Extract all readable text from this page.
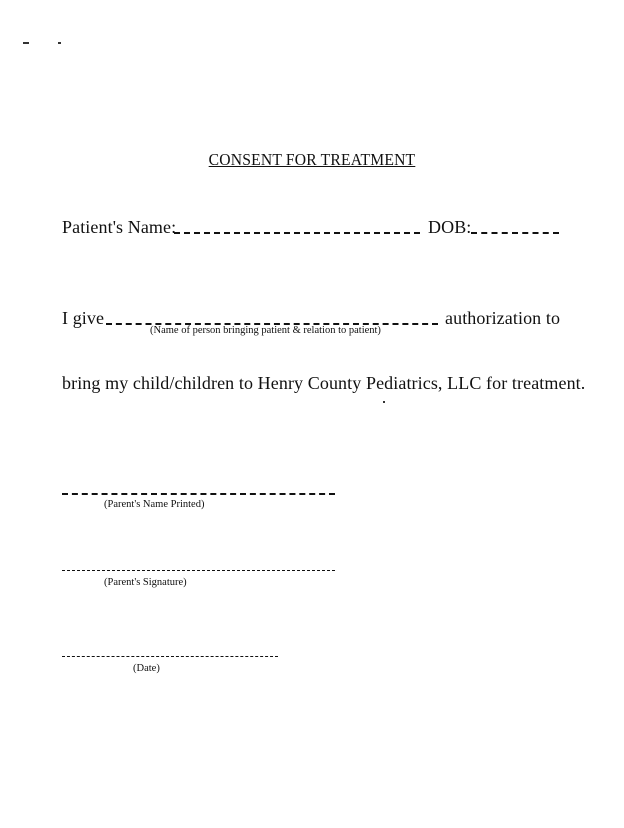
CONSENT FOR TREATMENT
Patient's Name:	DOB:
I give	authorization to
(Name of person bringing patient & relation to patient)
bring my child/children to Henry County Pediatrics, LLC for treatment.
(Parent's Name Printed)
(Parent's Signature)
(Date)
